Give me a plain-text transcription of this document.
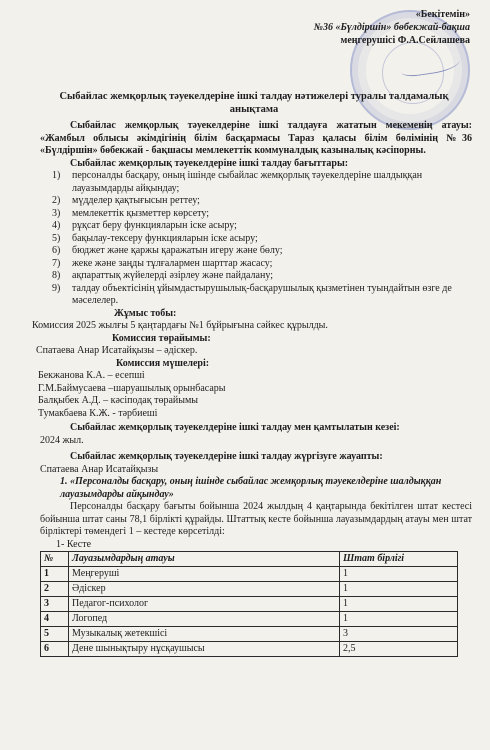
«Бекітемін»
№36 «Бүлдіршін» бөбекжай-бақша
меңгерушісі Ф.А.Сейлашева
Сыбайлас жемқорлық тәуекелдеріне ішкі талдау нәтижелері туралы талдамалық анықтама
Сыбайлас жемқорлық тәуекелдеріне ішкі талдауға жататын мекеменің атауы: «Жамбыл облысы әкімдігінің білім басқармасы Тараз қаласы білім бөлімінің №36 «Бүлдіршін» бөбекжай - бақшасы мемлекеттік коммуналдық казыналық кәсіпорны.
Сыбайлас жемқорлық тәуекелдеріне ішкі талдау бағыттары:
1) персоналды басқару, оның ішінде сыбайлас жемқорлық тәуекелдеріне шалдыққан лауазымдарды айқындау;
2) мүдделер қақтығысын реттеу;
3) мемлекеттік қызметтер көрсету;
4) рұқсат беру функцияларын іске асыру;
5) бақылау-тексеру функцияларын іске асыру;
6) бюджет және қаржы қаражатын игеру және бөлу;
7) жеке және заңды тұлғалармен шарттар жасасу;
8) ақпараттық жүйелерді әзірлеу және пайдалану;
9) талдау объектісінің ұйымдастырушылық-басқарушылық қызметінен туындайтын өзге де мәселелер.
Жұмыс тобы:
Комиссия 2025 жылғы 5 қаңтардағы №1 бұйрығына сәйкес құрылды.
Комиссия төрайымы:
Спатаева Анар Исатайқызы – әдіскер.
Комиссия мүшелері:
Бекжанова К.А. – есепші
Г.М.Баймусаева –шаруашылық орынбасары
Балқыбек А.Д. – кәсіподақ төрайымы
Тумакбаева К.Ж. - тәрбиеші
Сыбайлас жемқорлық тәуекелдеріне ішкі талдау мен қамтылатын кезеі:
2024 жыл.
Сыбайлас жемқорлық тәуекелдеріне ішкі талдау жүргізуге жауапты:
Спатаева Анар Исатайқызы
1. «Персоналды басқару, оның ішінде сыбайлас жемқорлық тәуекелдеріне шалдыққан лауазымдарды айқындау»
Персоналды басқару бағыты бойынша 2024 жылдың 4 қаңтарында бекітілген штат кестесі бойынша штат саны 78,1 бірлікті құрайды. Штаттық кесте бойынша лауазымдардың атауы мен штат бірліктері төмендегі 1 – кестеде көрсетілді:
1- Кесте
№	Лауазымдардың атауы	Штат бірлігі
1	Меңгеруші	1
2	Әдіскер	1
3	Педагог-психолог	1
4	Логопед	1
5	Музыкалық жетекшісі	3
6	Дене шынықтыру нұсқаушысы	2,5
